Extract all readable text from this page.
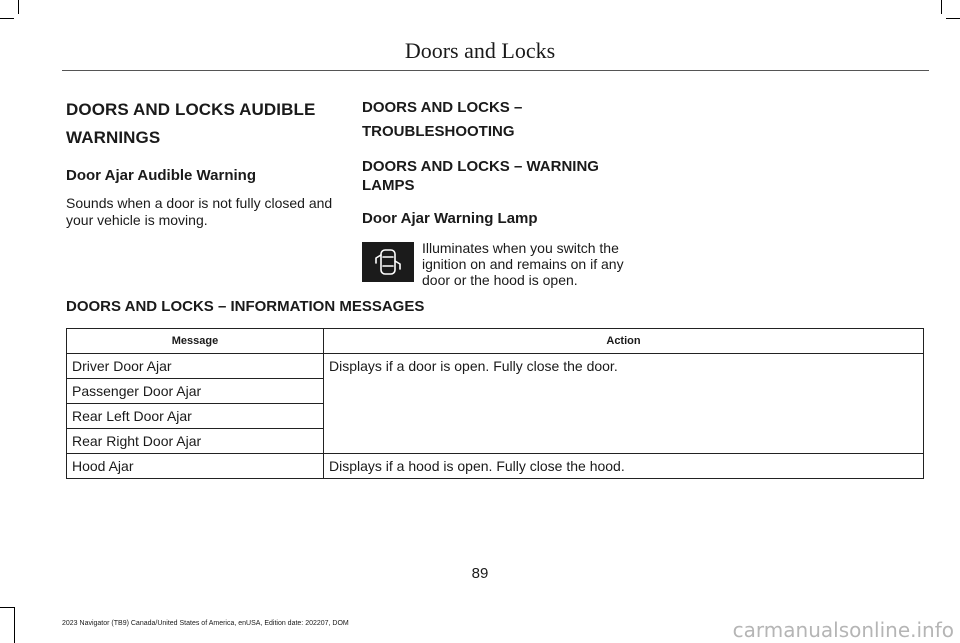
Doors and Locks
DOORS AND LOCKS AUDIBLE
WARNINGS
Door Ajar Audible Warning

Sounds when a door is not fully closed and
your vehicle is moving.

DOORS AND LOCKS –
TROUBLESHOOTING
DOORS AND LOCKS – WARNING
LAMPS
Door Ajar Warning Lamp
Illuminates when you switch the
ignition on and remains on if any
door or the hood is open.
DOORS AND LOCKS – INFORMATION MESSAGES
Message	Action
Driver Door Ajar	Displays if a door is open. Fully close the door.
Passenger Door Ajar	
Rear Left Door Ajar	
Rear Right Door Ajar	
Hood Ajar	Displays if a hood is open. Fully close the hood.
89
2023 Navigator (TB9) Canada/United States of America, enUSA, Edition date: 202207, DOM	carmanualsonline.info
